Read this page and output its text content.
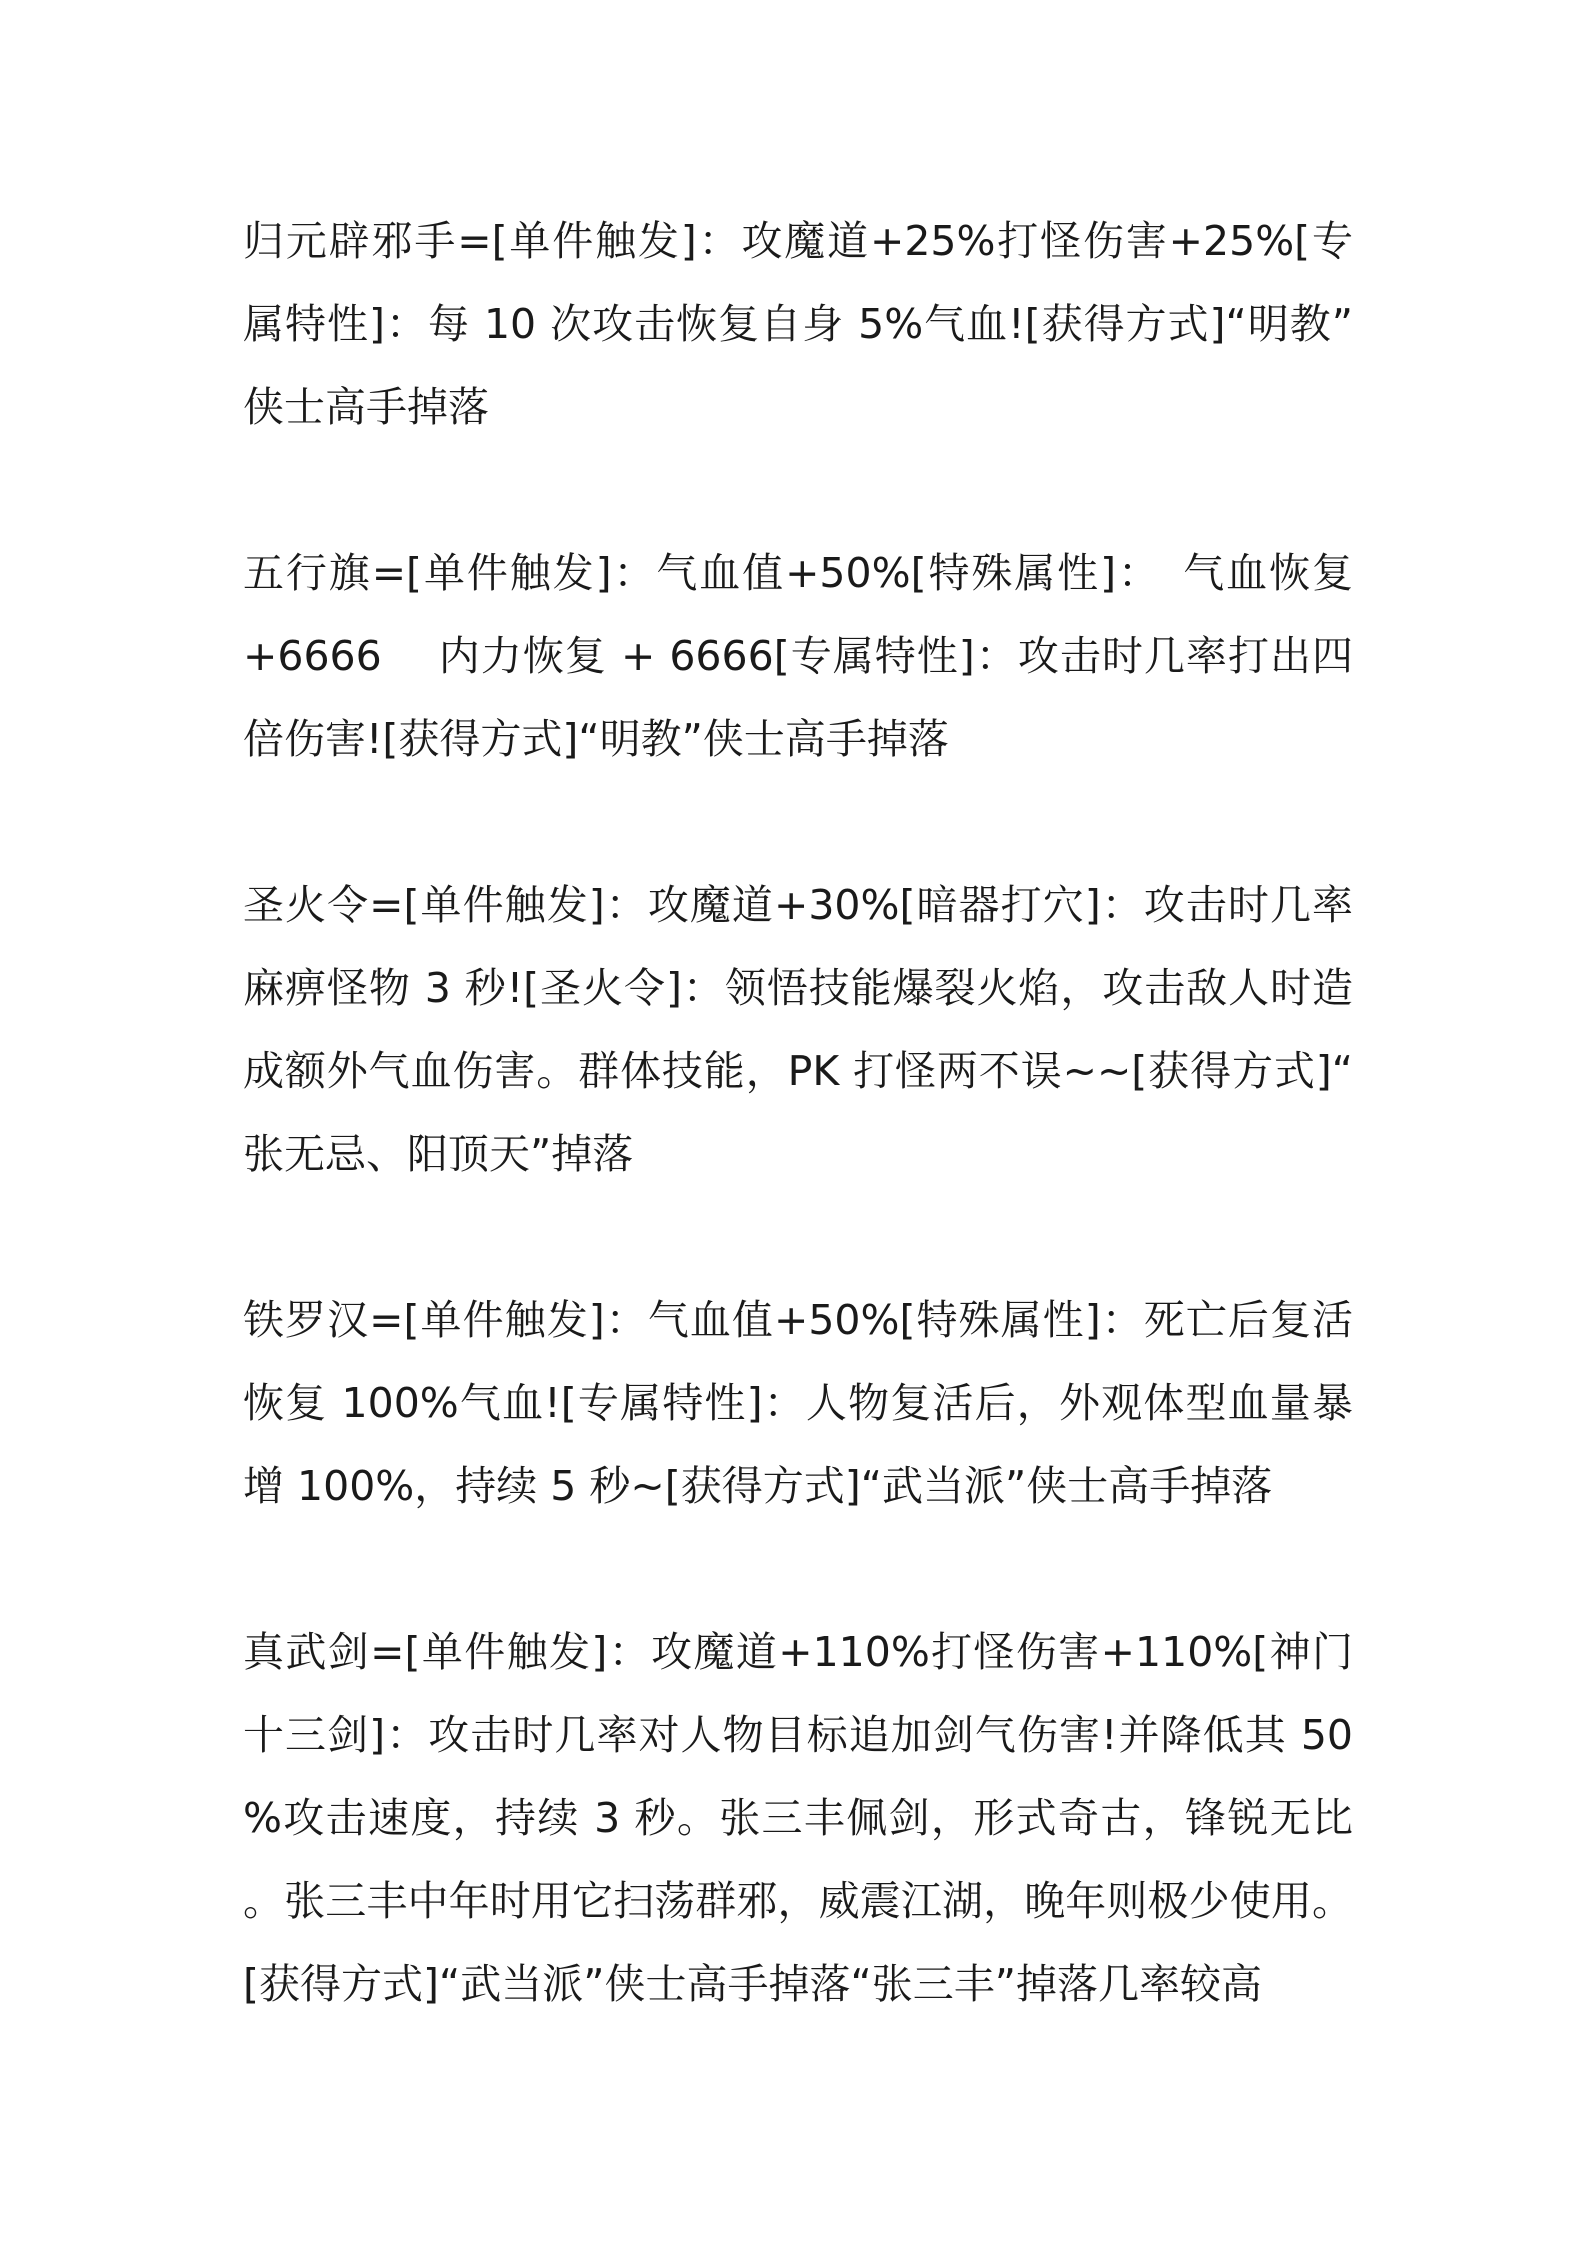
归元辟邪手=[单件触发]：攻魔道+25%打怪伤害+25%[专属特性]：每 10 次攻击恢复自身 5%气血![获得方式]“明教”侠士高手掉落

五行旗=[单件触发]：气血值+50%[特殊属性]：　气血恢复 +6666　 内力恢复 + 6666[专属特性]：攻击时几率打出四倍伤害![获得方式]“明教”侠士高手掉落

圣火令=[单件触发]：攻魔道+30%[暗器打穴]：攻击时几率麻痹怪物 3 秒![圣火令]：领悟技能爆裂火焰，攻击敌人时造成额外气血伤害。群体技能，PK 打怪两不误~~[获得方式]“张无忌、阳顶天”掉落

铁罗汉=[单件触发]：气血值+50%[特殊属性]：死亡后复活恢复 100%气血![专属特性]：人物复活后，外观体型血量暴增 100%，持续 5 秒~[获得方式]“武当派”侠士高手掉落

真武剑=[单件触发]：攻魔道+110%打怪伤害+110%[神门十三剑]：攻击时几率对人物目标追加剑气伤害!并降低其 50%攻击速度，持续 3 秒。张三丰佩剑，形式奇古，锋锐无比。张三丰中年时用它扫荡群邪，威震江湖，晚年则极少使用。[获得方式]“武当派”侠士高手掉落“张三丰”掉落几率较高
